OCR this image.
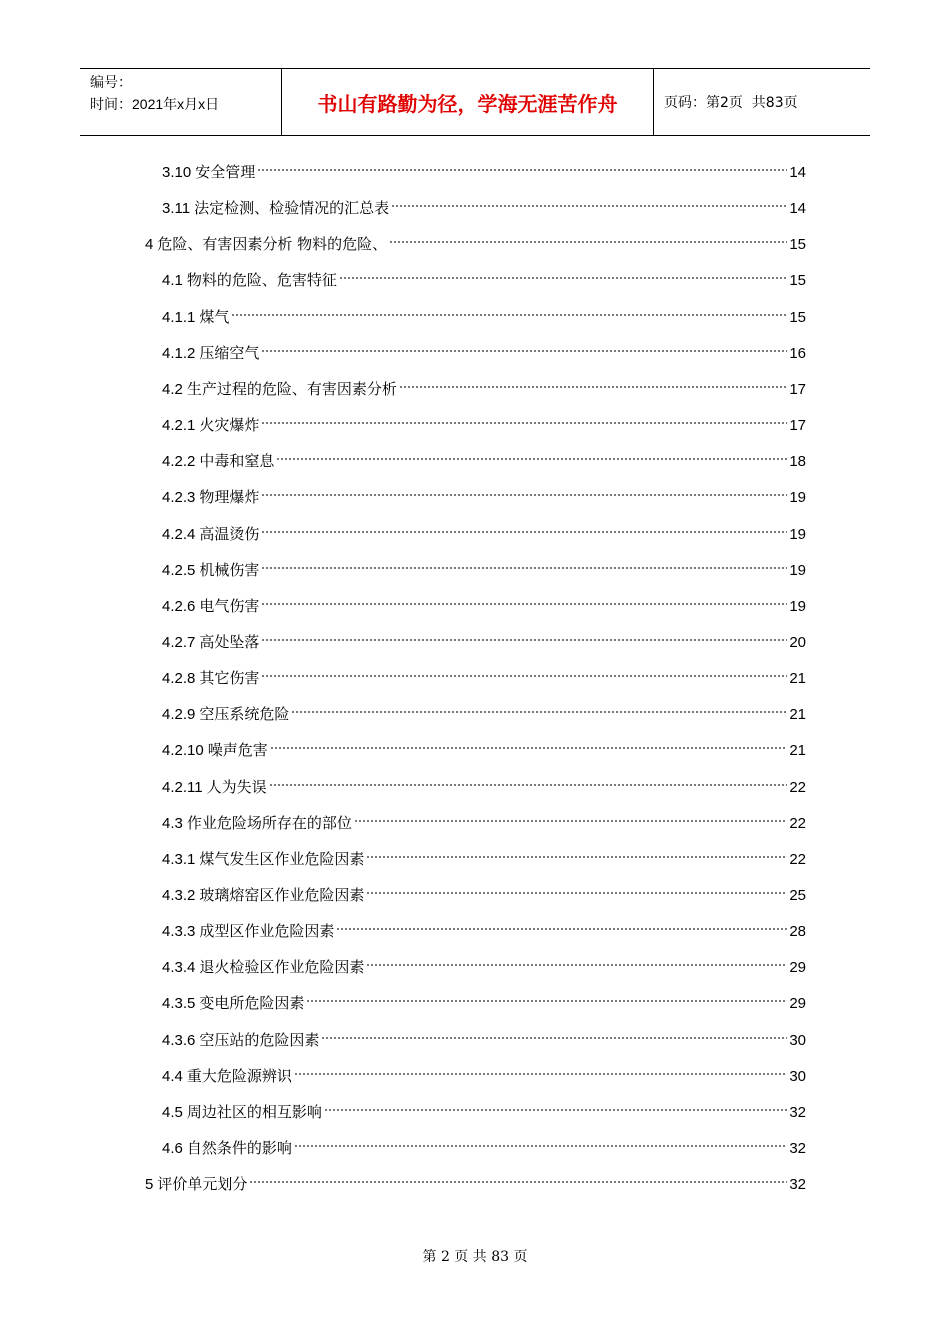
编号：
时间：2021年x月x日	书山有路勤为径，学海无涯苦作舟	页码：第2页  共83页
3.10 安全管理	14
3.11 法定检测、检验情况的汇总表	14
4 危险、有害因素分析 物料的危险、	15
4.1 物料的危险、危害特征	15
4.1.1 煤气	15
4.1.2 压缩空气	16
4.2 生产过程的危险、有害因素分析	17
4.2.1 火灾爆炸	17
4.2.2 中毒和窒息	18
4.2.3 物理爆炸	19
4.2.4 高温烫伤	19
4.2.5 机械伤害	19
4.2.6 电气伤害	19
4.2.7 高处坠落	20
4.2.8 其它伤害	21
4.2.9 空压系统危险	21
4.2.10 噪声危害	21
4.2.11 人为失误	22
4.3 作业危险场所存在的部位	22
4.3.1 煤气发生区作业危险因素	22
4.3.2 玻璃熔窑区作业危险因素	25
4.3.3 成型区作业危险因素	28
4.3.4 退火检验区作业危险因素	29
4.3.5 变电所危险因素	29
4.3.6 空压站的危险因素	30
4.4 重大危险源辨识	30
4.5 周边社区的相互影响	32
4.6 自然条件的影响	32
5 评价单元划分	32
第 2 页 共 83 页
